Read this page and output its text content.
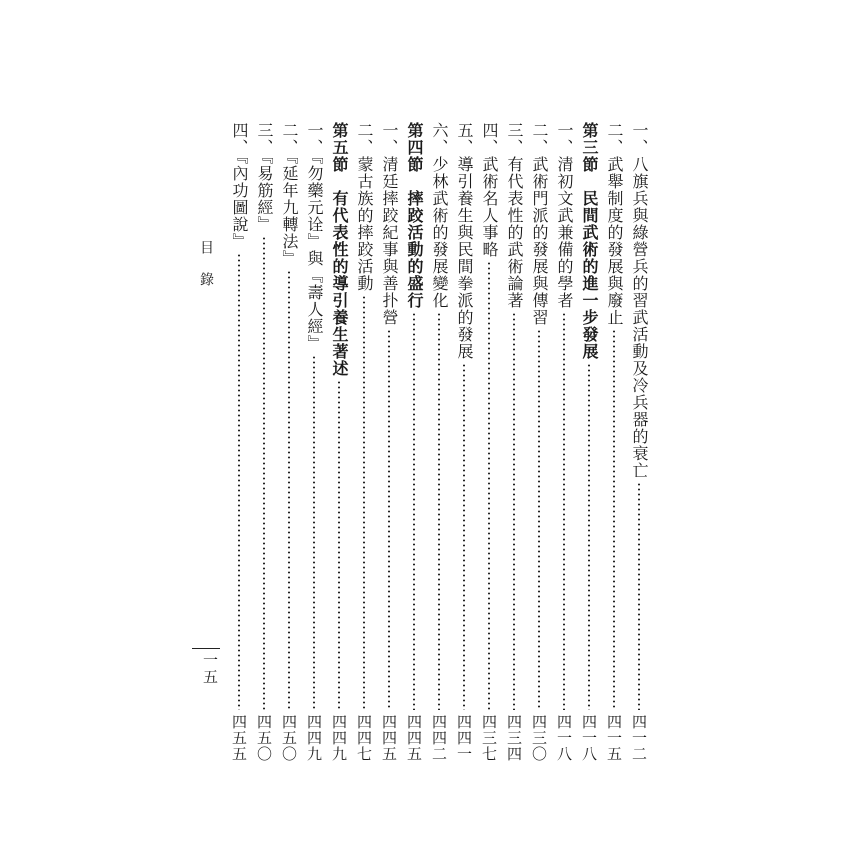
目錄
一五
一、八旗兵與綠營兵的習武活動及冷兵器的衰亡
四一二
二、武舉制度的發展與廢止
四一五
第三節　民間武術的進一步發展
四一八
一、清初文武兼備的學者
四一八
二、武術門派的發展與傳習
四三〇
三、有代表性的武術論著
四三四
四、武術名人事略
四三七
五、導引養生與民間拳派的發展
四四一
六、少林武術的發展變化
四四二
第四節　摔跤活動的盛行
四四五
一、清廷摔跤紀事與善扑營
四四五
二、蒙古族的摔跤活動
四四七
第五節　有代表性的導引養生著述
四四九
一、『勿藥元诠』與『壽人經』
四四九
二、『延年九轉法』
四五〇
三、『易筋經』
四五〇
四、『內功圖說』
四五五
